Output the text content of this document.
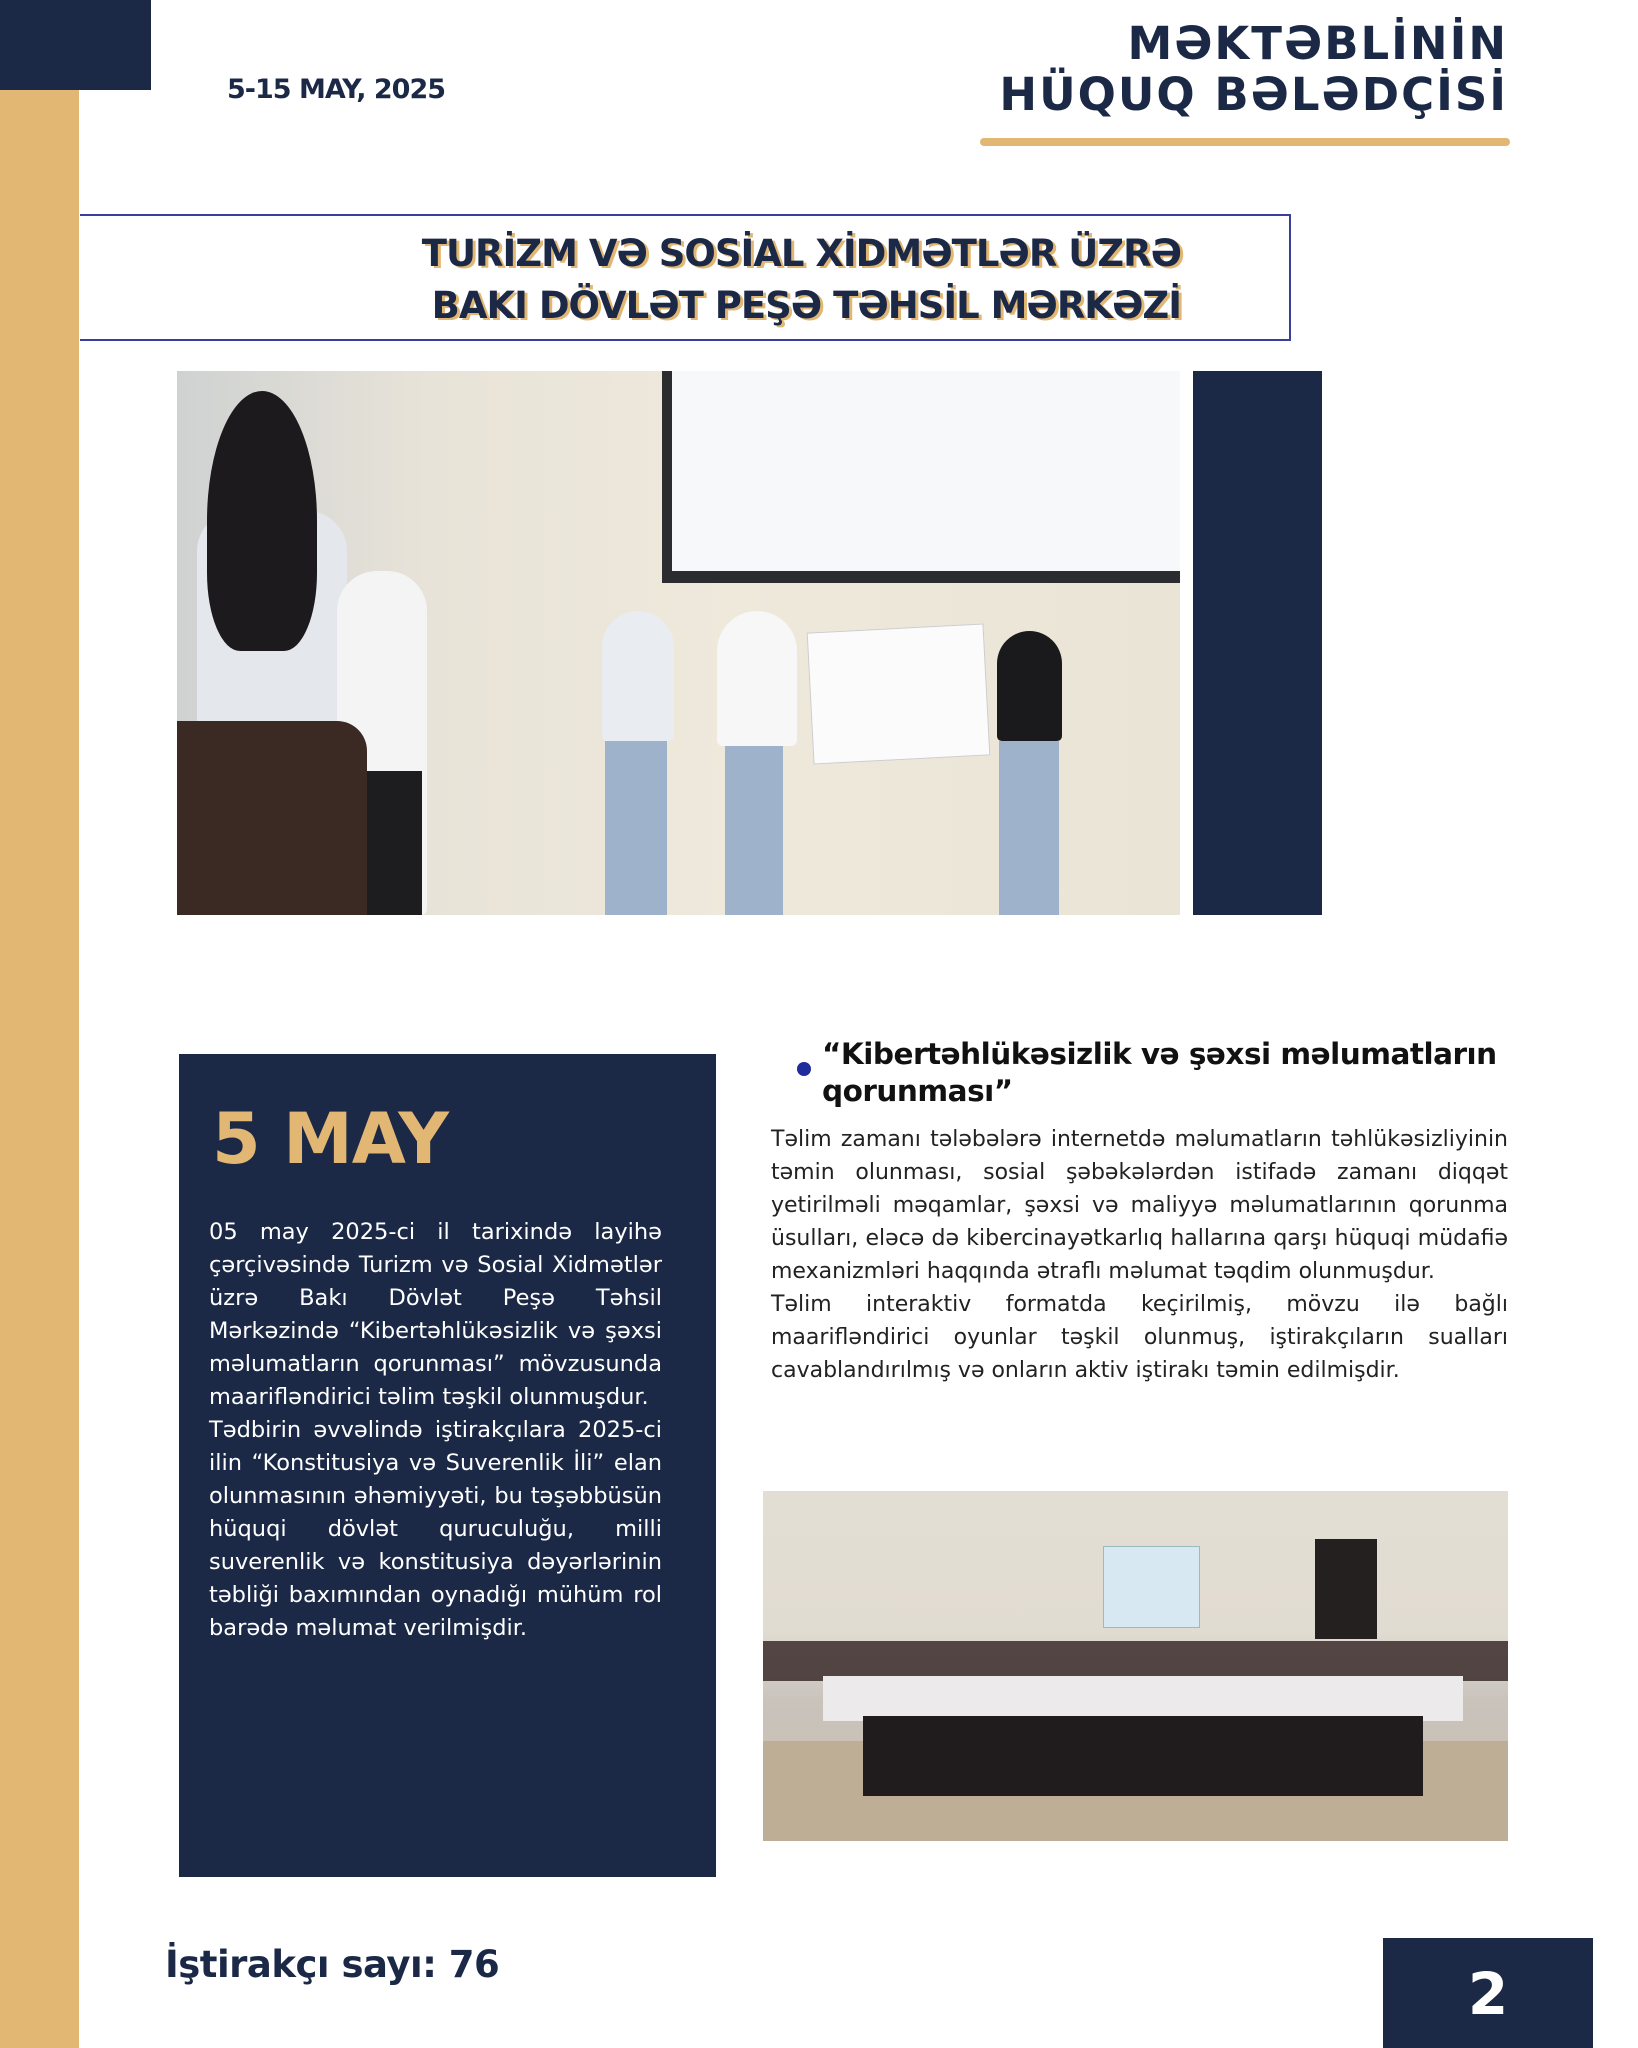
5-15 MAY, 2025
MƏKTƏBLİNİN
HÜQUQ BƏLƏDÇİSİ
TURİZM VƏ SOSİAL XİDMƏTLƏR ÜZRƏ
BAKI DÖVLƏT PEŞƏ TƏHSİL MƏRKƏZİ
5 MAY

05 may 2025-ci il tarixində layihə çərçivəsində Turizm və Sosial Xidmətlər üzrə Bakı Dövlət Peşə Təhsil Mərkəzində “Kibertəhlükəsizlik və şəxsi məlumatların qorunması” mövzusunda maarifləndirici təlim təşkil olunmuşdur.

Tədbirin əvvəlində iştirakçılara 2025-ci ilin “Konstitusiya və Suverenlik İli” elan olunmasının əhəmiyyəti, bu təşəbbüsün hüquqi dövlət quruculuğu, milli suverenlik və konstitusiya dəyərlərinin təbliği baxımından oynadığı mühüm rol barədə məlumat verilmişdir.

“Kibertəhlükəsizlik və şəxsi məlumatların qorunması”

Təlim zamanı tələbələrə internetdə məlumatların təhlükəsizliyinin təmin olunması, sosial şəbəkələrdən istifadə zamanı diqqət yetirilməli məqamlar, şəxsi və maliyyə məlumatlarının qorunma üsulları, eləcə də kibercinayətkarlıq hallarına qarşı hüquqi müdafiə mexanizmləri haqqında ətraflı məlumat təqdim olunmuşdur.

Təlim interaktiv formatda keçirilmiş, mövzu ilə bağlı maarifləndirici oyunlar təşkil olunmuş, iştirakçıların sualları cavablandırılmış və onların aktiv iştirakı təmin edilmişdir.

İştirakçı sayı: 76	2
